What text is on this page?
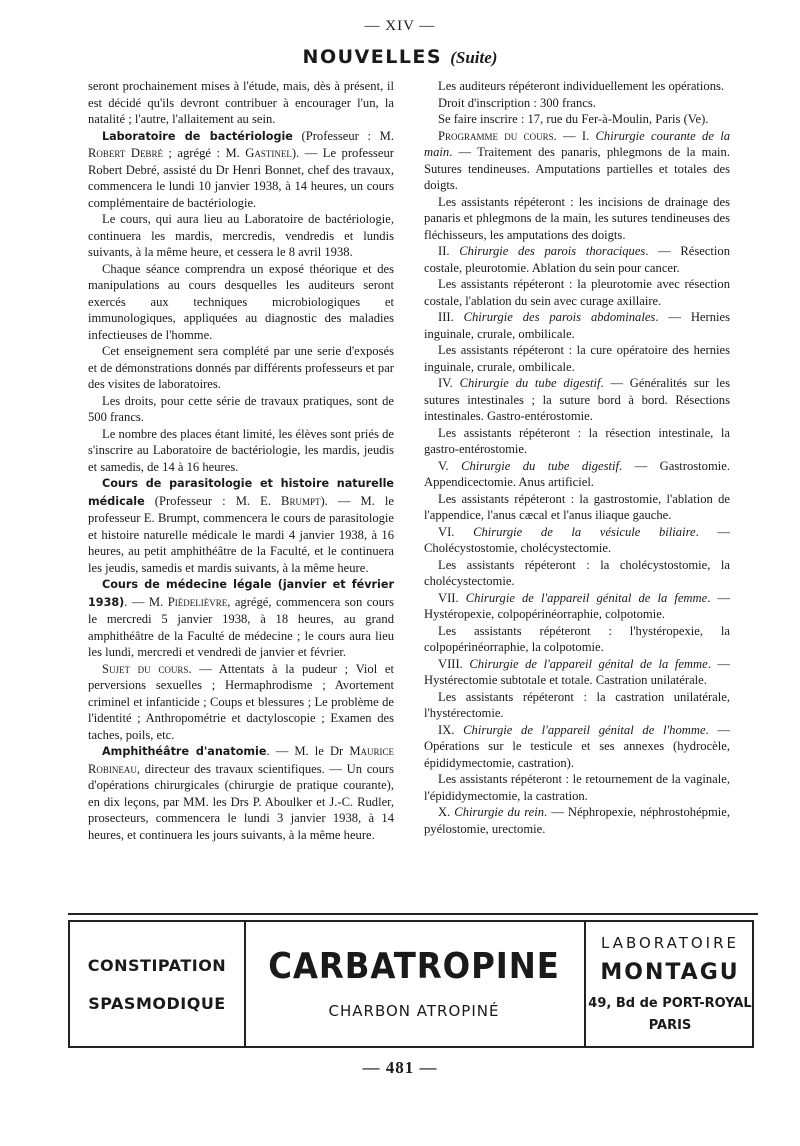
— XIV —
NOUVELLES (Suite)

seront prochainement mises à l'étude, mais, dès à présent, il est décidé qu'ils devront contribuer à encourager l'un, la natalité ; l'autre, l'allaitement au sein.

Laboratoire de bactériologie (Professeur : M. Robert Debré ; agrégé : M. Gastinel). — Le professeur Robert Debré, assisté du Dr Henri Bonnet, chef des travaux, commencera le lundi 10 janvier 1938, à 14 heures, un cours complémentaire de bactériologie.

Le cours, qui aura lieu au Laboratoire de bactériologie, continuera les mardis, mercredis, vendredis et lundis suivants, à la même heure, et cessera le 8 avril 1938.

Chaque séance comprendra un exposé théorique et des manipulations au cours desquelles les auditeurs seront exercés aux techniques microbiologiques et immunologiques, appliquées au diagnostic des maladies infectieuses de l'homme.

Cet enseignement sera complété par une serie d'exposés et de démonstrations donnés par différents professeurs et par des visites de laboratoires.

Les droits, pour cette série de travaux pratiques, sont de 500 francs.

Le nombre des places étant limité, les élèves sont priés de s'inscrire au Laboratoire de bactériologie, les mardis, jeudis et samedis, de 14 à 16 heures.

Cours de parasitologie et histoire naturelle médicale (Professeur : M. E. Brumpt). — M. le professeur E. Brumpt, commencera le cours de parasitologie et histoire naturelle médicale le mardi 4 janvier 1938, à 16 heures, au petit amphithéâtre de la Faculté, et le continuera les jeudis, samedis et mardis suivants, à la même heure.

Cours de médecine légale (janvier et février 1938). — M. Piédelièvre, agrégé, commencera son cours le mercredi 5 janvier 1938, à 18 heures, au grand amphithéâtre de la Faculté de médecine ; le cours aura lieu les lundi, mercredi et vendredi de janvier et février.

Sujet du cours. — Attentats à la pudeur ; Viol et perversions sexuelles ; Hermaphrodisme ; Avortement criminel et infanticide ; Coups et blessures ; Le problème de l'identité ; Anthropométrie et dactyloscopie ; Examen des taches, poils, etc.

Amphithéâtre d'anatomie. — M. le Dr Maurice Robineau, directeur des travaux scientifiques. — Un cours d'opérations chirurgicales (chirurgie de pratique courante), en dix leçons, par MM. les Drs P. Aboulker et J.-C. Rudler, prosecteurs, commencera le lundi 3 janvier 1938, à 14 heures, et continuera les jours suivants, à la même heure.

Les auditeurs répéteront individuellement les opérations.

Droit d'inscription : 300 francs.

Se faire inscrire : 17, rue du Fer-à-Moulin, Paris (Ve).

Programme du cours. — I. Chirurgie courante de la main. — Traitement des panaris, phlegmons de la main. Sutures tendineuses. Amputations partielles et totales des doigts.

Les assistants répéteront : les incisions de drainage des panaris et phlegmons de la main, les sutures tendineuses des fléchisseurs, les amputations des doigts.

II. Chirurgie des parois thoraciques. — Résection costale, pleurotomie. Ablation du sein pour cancer.

Les assistants répéteront : la pleurotomie avec résection costale, l'ablation du sein avec curage axillaire.

III. Chirurgie des parois abdominales. — Hernies inguinale, crurale, ombilicale.

Les assistants répéteront : la cure opératoire des hernies inguinale, crurale, ombilicale.

IV. Chirurgie du tube digestif. — Généralités sur les sutures intestinales ; la suture bord à bord. Résections intestinales. Gastro-entérostomie.

Les assistants répéteront : la résection intestinale, la gastro-entérostomie.

V. Chirurgie du tube digestif. — Gastrostomie. Appendicectomie. Anus artificiel.

Les assistants répéteront : la gastrostomie, l'ablation de l'appendice, l'anus cæcal et l'anus iliaque gauche.

VI. Chirurgie de la vésicule biliaire. — Cholécystostomie, cholécystectomie.

Les assistants répéteront : la cholécystostomie, la cholécystectomie.

VII. Chirurgie de l'appareil génital de la femme. — Hystéropexie, colpopérinéorraphie, colpotomie.

Les assistants répéteront : l'hystéropexie, la colpopérinéorraphie, la colpotomie.

VIII. Chirurgie de l'appareil génital de la femme. — Hystérectomie subtotale et totale. Castration unilatérale.

Les assistants répéteront : la castration unilatérale, l'hystérectomie.

IX. Chirurgie de l'appareil génital de l'homme. — Opérations sur le testicule et ses annexes (hydrocèle, épididymectomie, castration).

Les assistants répéteront : le retournement de la vaginale, l'épididymectomie, la castration.

X. Chirurgie du rein. — Néphropexie, néphrostohépmie, pyélostomie, urectomie.

CONSTIPATION
SPASMODIQUE
CARBATROPINE
CHARBON ATROPINÉ
LABORATOIRE
MONTAGU
49, Bd de PORT-ROYAL
PARIS
— 481 —
